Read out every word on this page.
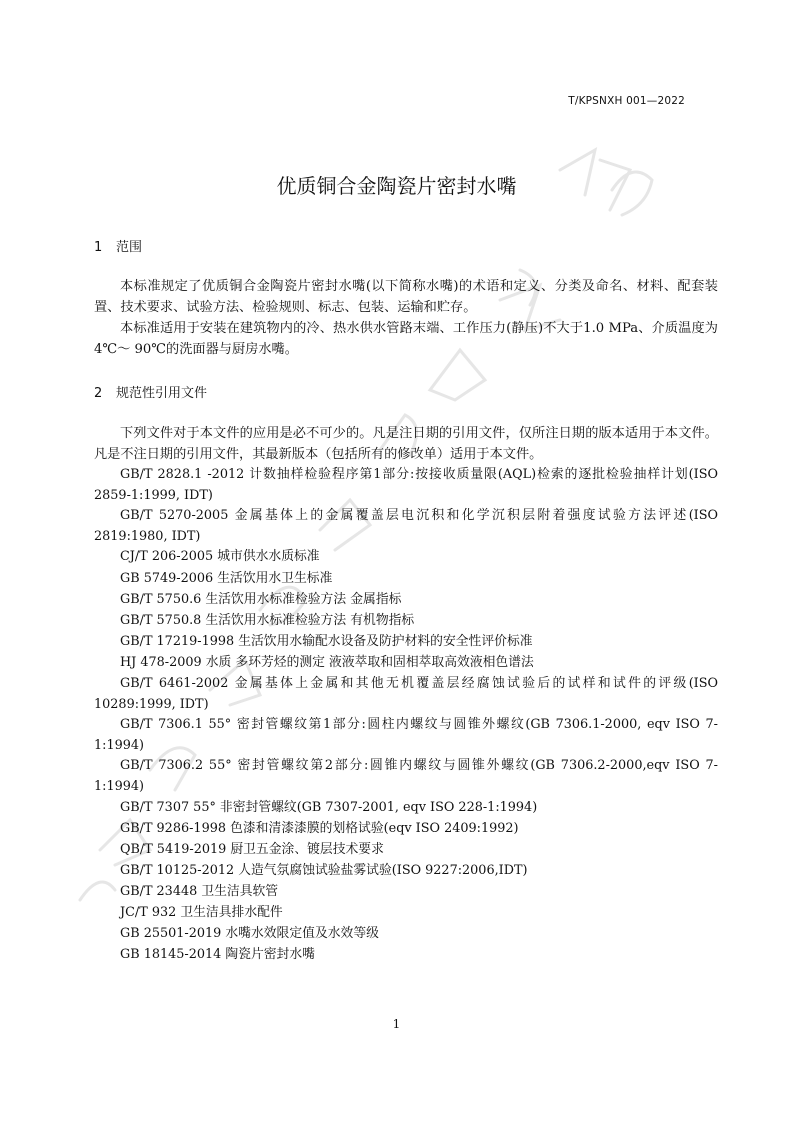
T/KPSNXH 001—2022
优质铜合金陶瓷片密封水嘴
1 范围
本标准规定了优质铜合金陶瓷片密封水嘴(以下简称水嘴)的术语和定义、分类及命名、材料、配套装置、技术要求、试验方法、检验规则、标志、包装、运输和贮存。
本标准适用于安装在建筑物内的冷、热水供水管路末端、工作压力(静压)不大于1.0 MPa、介质温度为4℃～ 90℃的洗面器与厨房水嘴。
2 规范性引用文件
下列文件对于本文件的应用是必不可少的。凡是注日期的引用文件，仅所注日期的版本适用于本文件。凡是不注日期的引用文件，其最新版本（包括所有的修改单）适用于本文件。
GB/T 2828.1 -2012 计数抽样检验程序第1部分:按接收质量限(AQL)检索的逐批检验抽样计划(ISO 2859-1:1999, IDT)
GB/T 5270-2005 金属基体上的金属覆盖层电沉积和化学沉积层附着强度试验方法评述(ISO 2819:1980, IDT)
CJ/T 206-2005 城市供水水质标准
GB 5749-2006 生活饮用水卫生标准
GB/T 5750.6 生活饮用水标准检验方法 金属指标
GB/T 5750.8 生活饮用水标准检验方法 有机物指标
GB/T 17219-1998 生活饮用水输配水设备及防护材料的安全性评价标准
HJ 478-2009 水质 多环芳烃的测定 液液萃取和固相萃取高效液相色谱法
GB/T 6461-2002 金属基体上金属和其他无机覆盖层经腐蚀试验后的试样和试件的评级(ISO 10289:1999, IDT)
GB/T 7306.1 55° 密封管螺纹第1部分:圆柱内螺纹与圆锥外螺纹(GB 7306.1-2000, eqv ISO 7-1:1994)
GB/T 7306.2 55° 密封管螺纹第2部分:圆锥内螺纹与圆锥外螺纹(GB 7306.2-2000,eqv ISO 7-1:1994)
GB/T 7307 55° 非密封管螺纹(GB 7307-2001, eqv ISO 228-1:1994)
GB/T 9286-1998 色漆和清漆漆膜的划格试验(eqv ISO 2409:1992)
QB/T 5419-2019 厨卫五金涂、镀层技术要求
GB/T 10125-2012 人造气氛腐蚀试验盐雾试验(ISO 9227:2006,IDT)
GB/T 23448 卫生洁具软管
JC/T 932 卫生洁具排水配件
GB 25501-2019 水嘴水效限定值及水效等级
GB 18145-2014 陶瓷片密封水嘴
1
